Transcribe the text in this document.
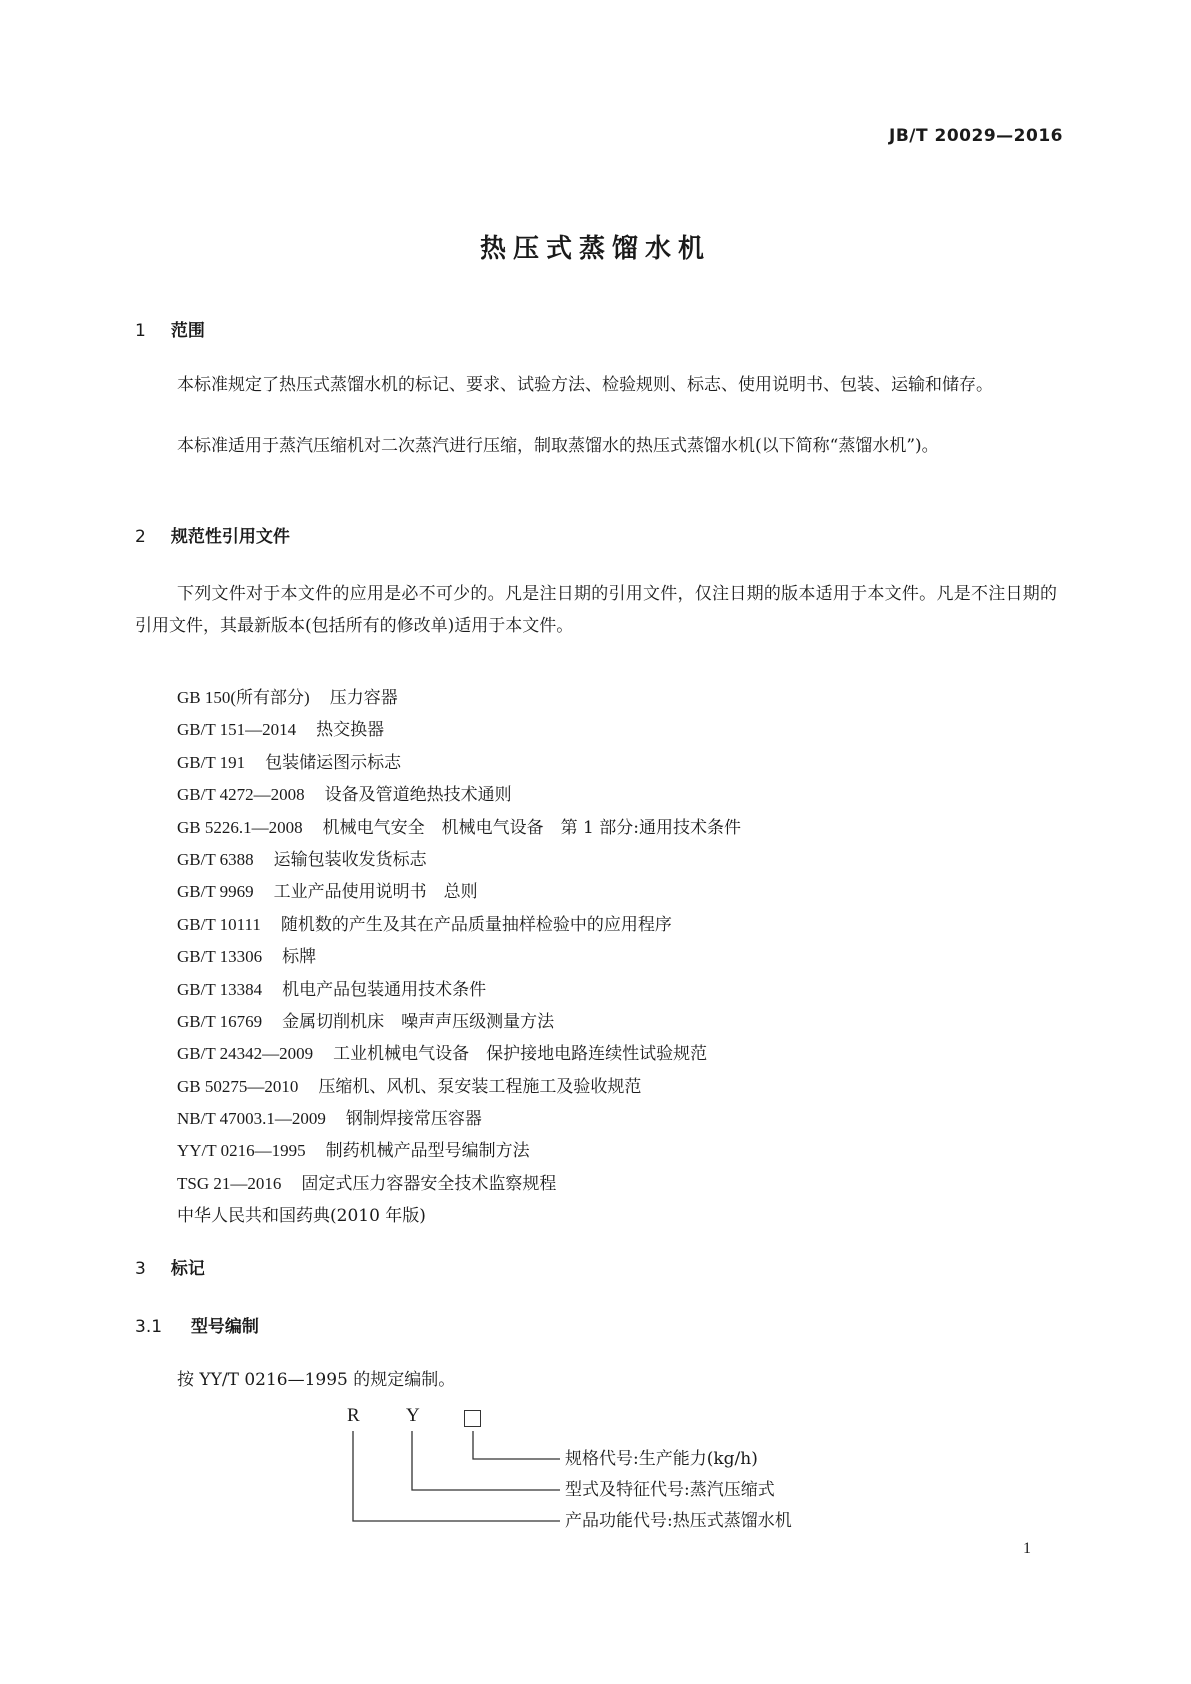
JB/T 20029—2016
热压式蒸馏水机
1 范围
本标准规定了热压式蒸馏水机的标记、要求、试验方法、检验规则、标志、使用说明书、包装、运输和储存。
本标准适用于蒸汽压缩机对二次蒸汽进行压缩，制取蒸馏水的热压式蒸馏水机(以下简称“蒸馏水机”)。
2 规范性引用文件
下列文件对于本文件的应用是必不可少的。凡是注日期的引用文件，仅注日期的版本适用于本文件。凡是不注日期的引用文件，其最新版本(包括所有的修改单)适用于本文件。
GB 150(所有部分) 压力容器
GB/T 151—2014 热交换器
GB/T 191 包装储运图示标志
GB/T 4272—2008 设备及管道绝热技术通则
GB 5226.1—2008 机械电气安全　机械电气设备　第 1 部分:通用技术条件
GB/T 6388 运输包装收发货标志
GB/T 9969 工业产品使用说明书　总则
GB/T 10111 随机数的产生及其在产品质量抽样检验中的应用程序
GB/T 13306 标牌
GB/T 13384 机电产品包装通用技术条件
GB/T 16769 金属切削机床　噪声声压级测量方法
GB/T 24342—2009 工业机械电气设备　保护接地电路连续性试验规范
GB 50275—2010 压缩机、风机、泵安装工程施工及验收规范
NB/T 47003.1—2009 钢制焊接常压容器
YY/T 0216—1995 制药机械产品型号编制方法
TSG 21—2016 固定式压力容器安全技术监察规程
中华人民共和国药典(2010 年版)
3 标记
3.1 型号编制
按 YY/T 0216—1995 的规定编制。
R Y
规格代号:生产能力(kg/h)
型式及特征代号:蒸汽压缩式
产品功能代号:热压式蒸馏水机
1
